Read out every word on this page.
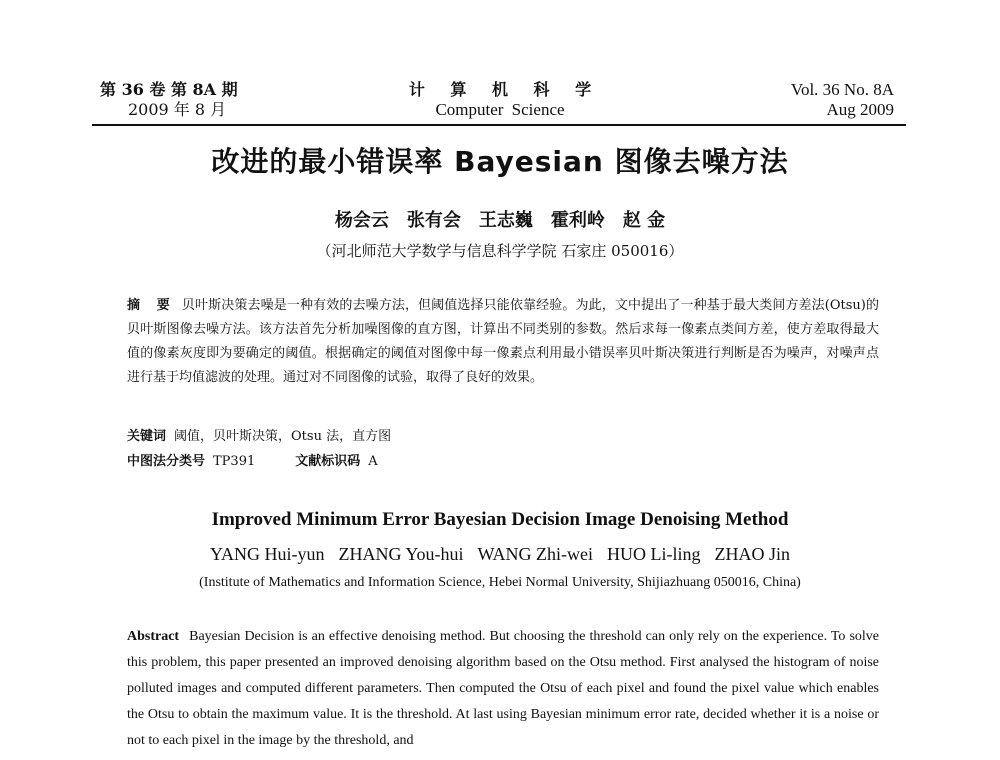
第 36 卷 第 8A 期
2009 年 8 月
计 算 机 科 学
Computer Science
Vol. 36 No. 8A
Aug 2009
改进的最小错误率 Bayesian 图像去噪方法
杨会云 张有会 王志巍 霍利岭 赵 金
（河北师范大学数学与信息科学学院 石家庄 050016）
摘 要 贝叶斯决策去噪是一种有效的去噪方法，但阈值选择只能依靠经验。为此，文中提出了一种基于最大类间方差法(Otsu)的贝叶斯图像去噪方法。该方法首先分析加噪图像的直方图，计算出不同类别的参数。然后求每一像素点类间方差，使方差取得最大值的像素灰度即为要确定的阈值。根据确定的阈值对图像中每一像素点利用最小错误率贝叶斯决策进行判断是否为噪声，对噪声点进行基于均值滤波的处理。通过对不同图像的试验，取得了良好的效果。
关键词 阈值，贝叶斯决策，Otsu 法，直方图
中图法分类号 TP391	文献标识码 A
Improved Minimum Error Bayesian Decision Image Denoising Method
YANG Hui-yun ZHANG You-hui WANG Zhi-wei HUO Li-ling ZHAO Jin
(Institute of Mathematics and Information Science, Hebei Normal University, Shijiazhuang 050016, China)
Abstract Bayesian Decision is an effective denoising method. But choosing the threshold can only rely on the experience. To solve this problem, this paper presented an improved denoising algorithm based on the Otsu method. First analysed the histogram of noise polluted images and computed different parameters. Then computed the Otsu of each pixel and found the pixel value which enables the Otsu to obtain the maximum value. It is the threshold. At last using Bayesian minimum error rate, decided whether it is a noise or not to each pixel in the image by the threshold, and
